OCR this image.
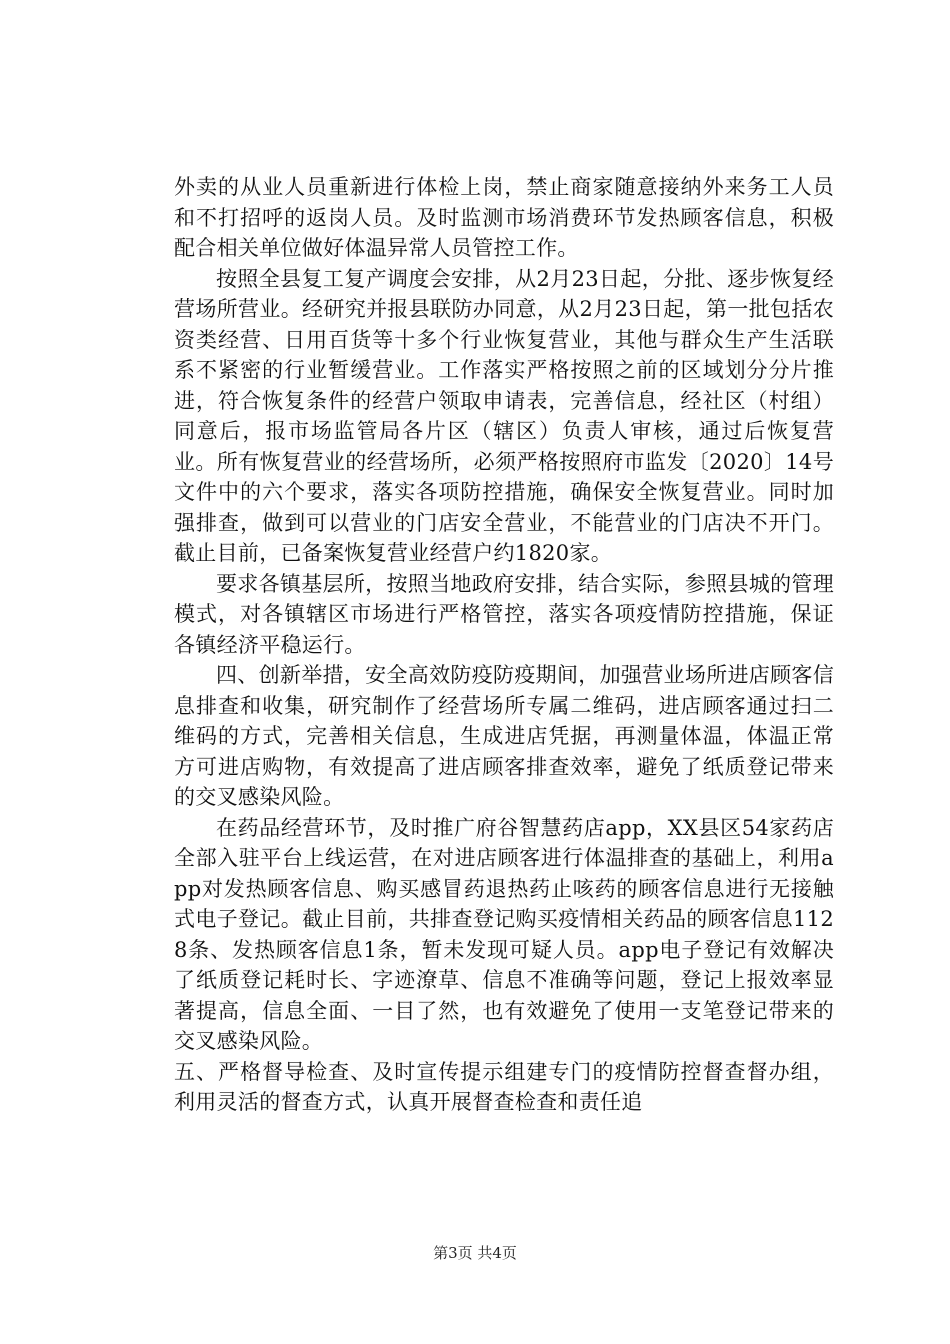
外卖的从业人员重新进行体检上岗，禁止商家随意接纳外来务工人员和不打招呼的返岗人员。及时监测市场消费环节发热顾客信息，积极配合相关单位做好体温异常人员管控工作。

按照全县复工复产调度会安排，从2月23日起，分批、逐步恢复经营场所营业。经研究并报县联防办同意，从2月23日起，第一批包括农资类经营、日用百货等十多个行业恢复营业，其他与群众生产生活联系不紧密的行业暂缓营业。工作落实严格按照之前的区域划分分片推进，符合恢复条件的经营户领取申请表，完善信息，经社区（村组）同意后，报市场监管局各片区（辖区）负责人审核，通过后恢复营业。所有恢复营业的经营场所，必须严格按照府市监发〔2020〕14号文件中的六个要求，落实各项防控措施，确保安全恢复营业。同时加强排查，做到可以营业的门店安全营业，不能营业的门店决不开门。截止目前，已备案恢复营业经营户约1820家。

要求各镇基层所，按照当地政府安排，结合实际，参照县城的管理模式，对各镇辖区市场进行严格管控，落实各项疫情防控措施，保证各镇经济平稳运行。

四、创新举措，安全高效防疫防疫期间，加强营业场所进店顾客信息排查和收集，研究制作了经营场所专属二维码，进店顾客通过扫二维码的方式，完善相关信息，生成进店凭据，再测量体温，体温正常方可进店购物，有效提高了进店顾客排查效率，避免了纸质登记带来的交叉感染风险。

在药品经营环节，及时推广府谷智慧药店app，XX县区54家药店全部入驻平台上线运营，在对进店顾客进行体温排查的基础上，利用app对发热顾客信息、购买感冒药退热药止咳药的顾客信息进行无接触式电子登记。截止目前，共排查登记购买疫情相关药品的顾客信息1128条、发热顾客信息1条，暂未发现可疑人员。app电子登记有效解决了纸质登记耗时长、字迹潦草、信息不准确等问题，登记上报效率显著提高，信息全面、一目了然，也有效避免了使用一支笔登记带来的交叉感染风险。

五、严格督导检查、及时宣传提示组建专门的疫情防控督查督办组，利用灵活的督查方式，认真开展督查检查和责任追

第3页 共4页
